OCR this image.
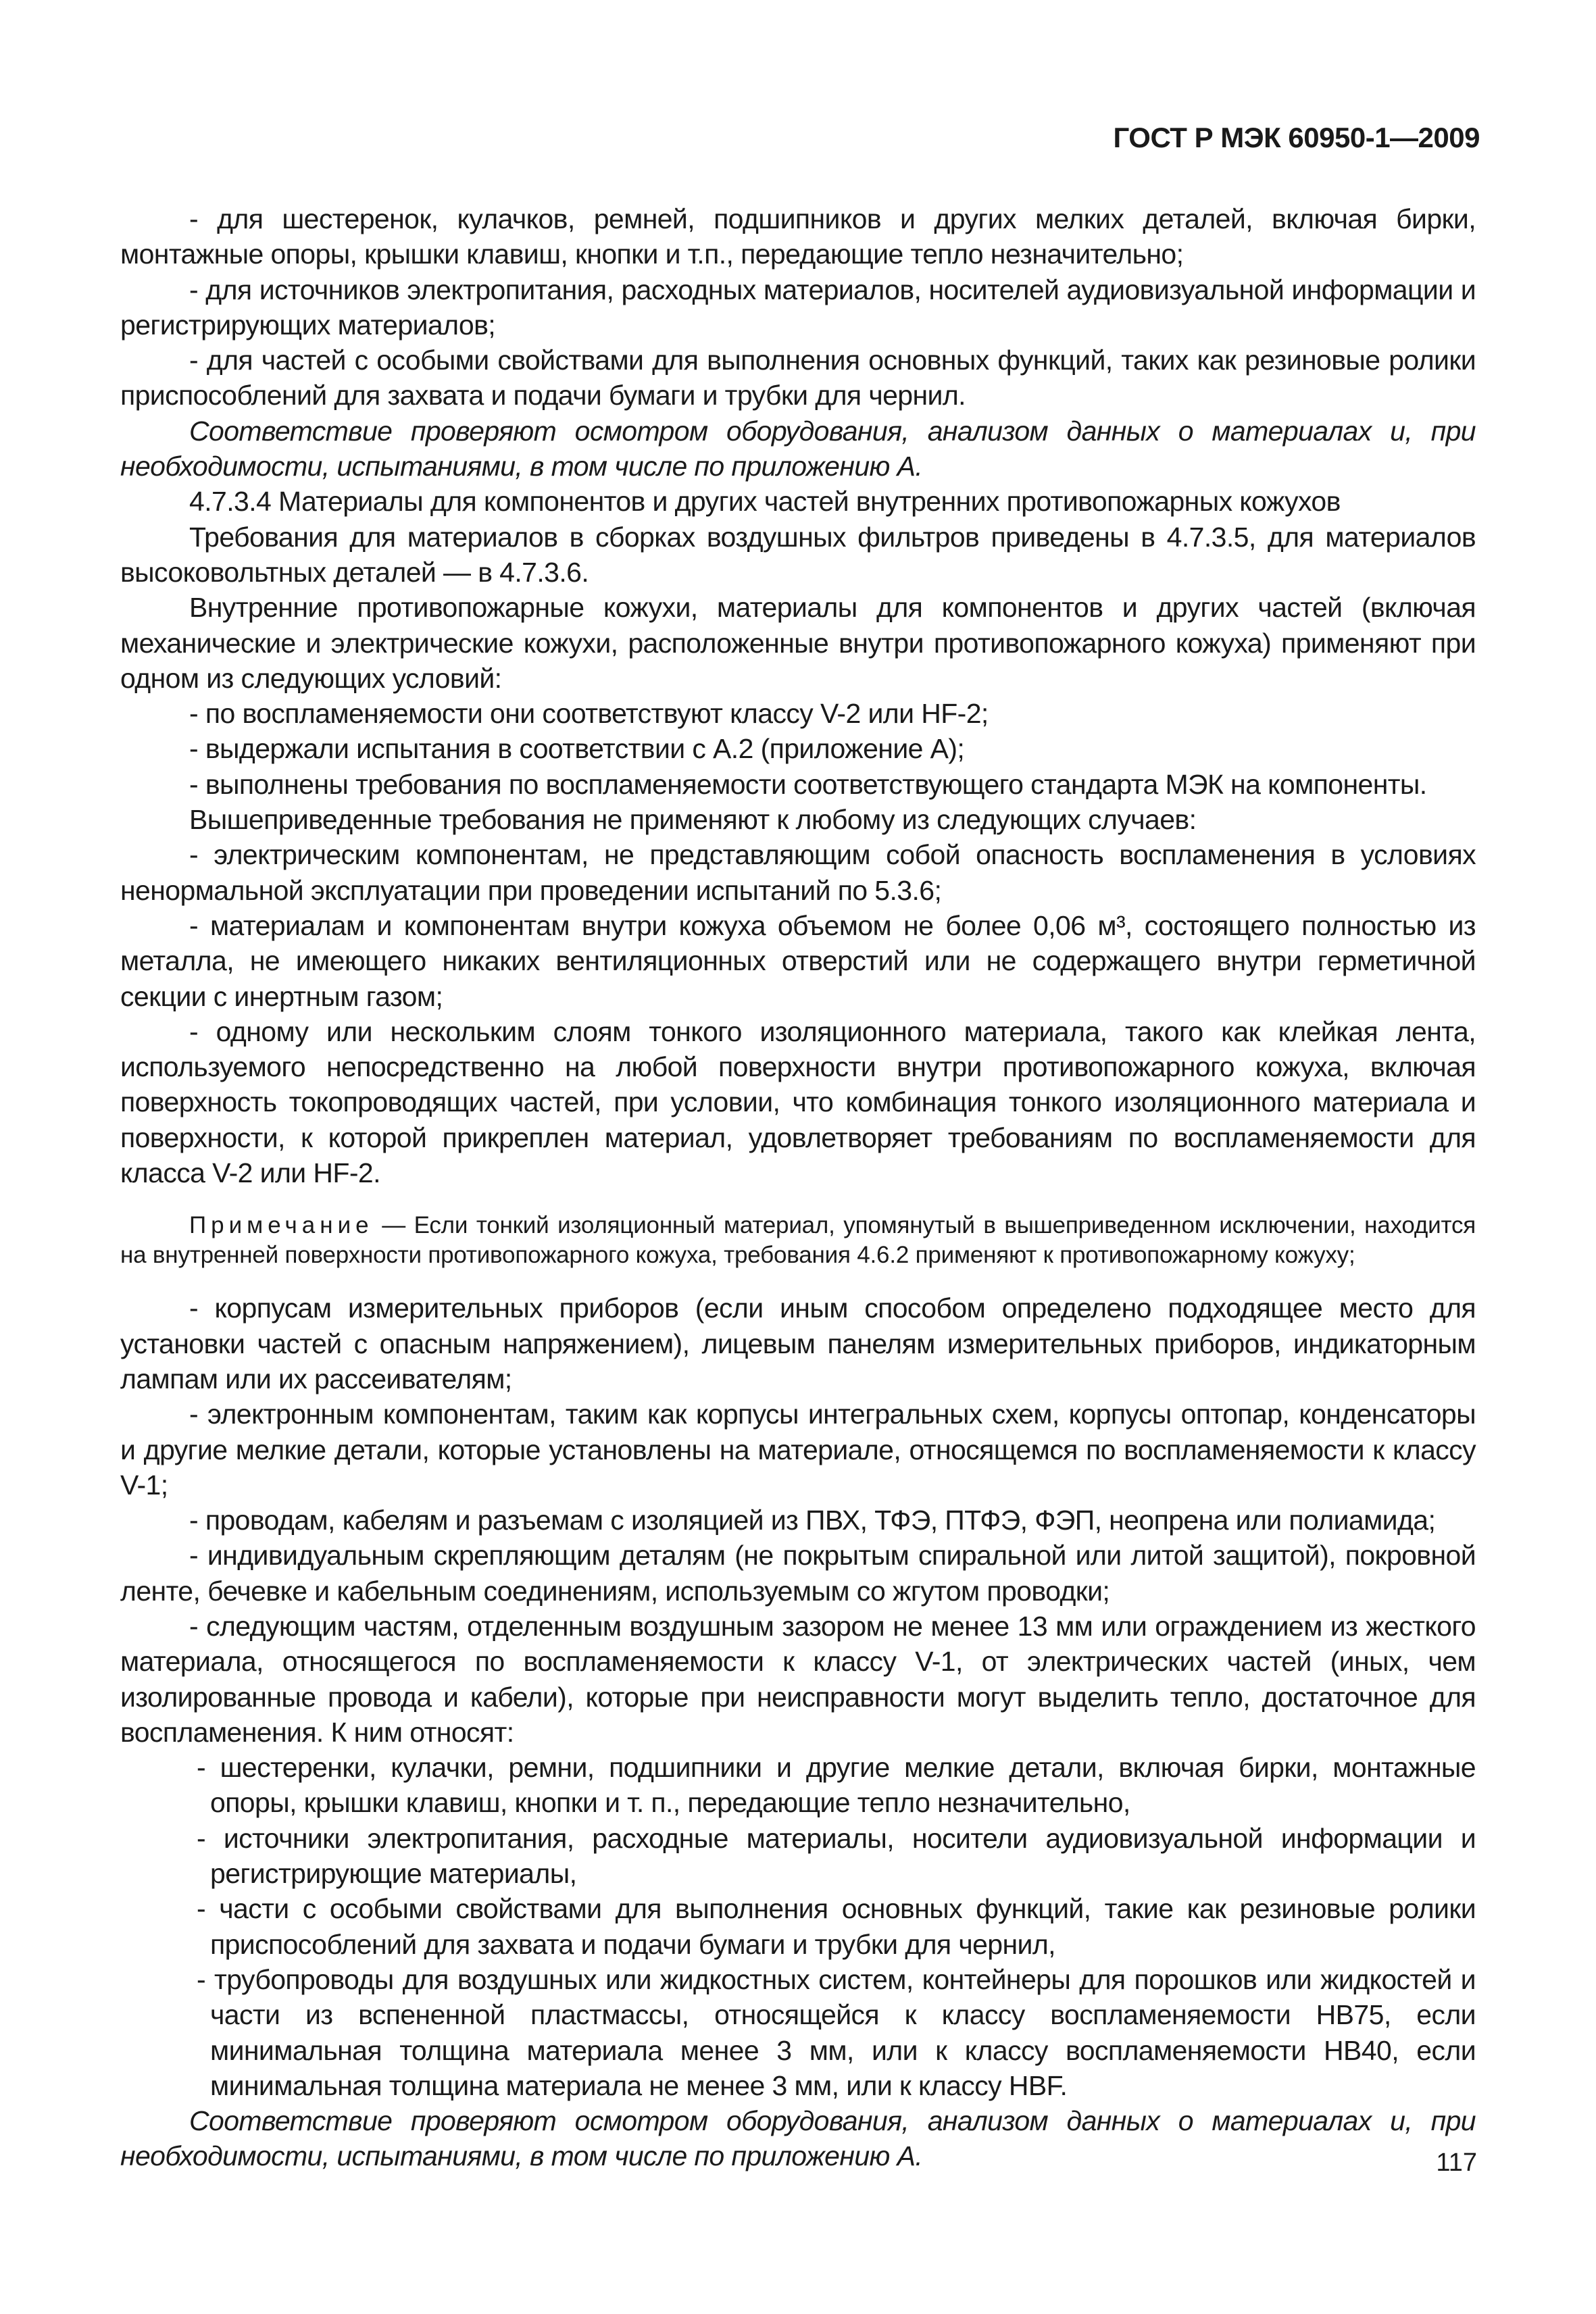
ГОСТ Р МЭК 60950-1—2009

- для шестеренок, кулачков, ремней, подшипников и других мелких деталей, включая бирки, монтажные опоры, крышки клавиш, кнопки и т.п., передающие тепло незначительно;

- для источников электропитания, расходных материалов, носителей аудиовизуальной информации и регистрирующих материалов;

- для частей с особыми свойствами для выполнения основных функций, таких как резиновые ролики приспособлений для захвата и подачи бумаги и трубки для чернил.

Соответствие проверяют осмотром оборудования, анализом данных о материалах и, при необходимости, испытаниями, в том числе по приложению А.

4.7.3.4 Материалы для компонентов и других частей внутренних противопожарных кожухов

Требования для материалов в сборках воздушных фильтров приведены в 4.7.3.5, для материалов высоковольтных деталей — в 4.7.3.6.

Внутренние противопожарные кожухи, материалы для компонентов и других частей (включая механические и электрические кожухи, расположенные внутри противопожарного кожуха) применяют при одном из следующих условий:

- по воспламеняемости они соответствуют классу V-2 или HF-2;

- выдержали испытания в соответствии с А.2 (приложение А);

- выполнены требования по воспламеняемости соответствующего стандарта МЭК на компоненты.

Вышеприведенные требования не применяют к любому из следующих случаев:

- электрическим компонентам, не представляющим собой опасность воспламенения в условиях ненормальной эксплуатации при проведении испытаний по 5.3.6;

- материалам и компонентам внутри кожуха объемом не более 0,06 м³, состоящего полностью из металла, не имеющего никаких вентиляционных отверстий или не содержащего внутри герметичной секции с инертным газом;

- одному или нескольким слоям тонкого изоляционного материала, такого как клейкая лента, используемого непосредственно на любой поверхности внутри противопожарного кожуха, включая поверхность токопроводящих частей, при условии, что комбинация тонкого изоляционного материала и поверхности, к которой прикреплен материал, удовлетворяет требованиям по воспламеняемости для класса V-2 или HF-2.

Примечание — Если тонкий изоляционный материал, упомянутый в вышеприведенном исключении, находится на внутренней поверхности противопожарного кожуха, требования 4.6.2 применяют к противопожарному кожуху;

- корпусам измерительных приборов (если иным способом определено подходящее место для установки частей с опасным напряжением), лицевым панелям измерительных приборов, индикаторным лампам или их рассеивателям;

- электронным компонентам, таким как корпусы интегральных схем, корпусы оптопар, конденсаторы и другие мелкие детали, которые установлены на материале, относящемся по воспламеняемости к классу V-1;

- проводам, кабелям и разъемам с изоляцией из ПВХ, ТФЭ, ПТФЭ, ФЭП, неопрена или полиамида;

- индивидуальным скрепляющим деталям (не покрытым спиральной или литой защитой), покровной ленте, бечевке и кабельным соединениям, используемым со жгутом проводки;

- следующим частям, отделенным воздушным зазором не менее 13 мм или ограждением из жесткого материала, относящегося по воспламеняемости к классу V-1, от электрических частей (иных, чем изолированные провода и кабели), которые при неисправности могут выделить тепло, достаточное для воспламенения. К ним относят:

- шестеренки, кулачки, ремни, подшипники и другие мелкие детали, включая бирки, монтажные опоры, крышки клавиш, кнопки и т. п., передающие тепло незначительно,

- источники электропитания, расходные материалы, носители аудиовизуальной информации и регистрирующие материалы,

- части с особыми свойствами для выполнения основных функций, такие как резиновые ролики приспособлений для захвата и подачи бумаги и трубки для чернил,

- трубопроводы для воздушных или жидкостных систем, контейнеры для порошков или жидкостей и части из вспененной пластмассы, относящейся к классу воспламеняемости НВ75, если минимальная толщина материала менее 3 мм, или к классу воспламеняемости НВ40, если минимальная толщина материала не менее 3 мм, или к классу HBF.

Соответствие проверяют осмотром оборудования, анализом данных о материалах и, при необходимости, испытаниями, в том числе по приложению А.	117
